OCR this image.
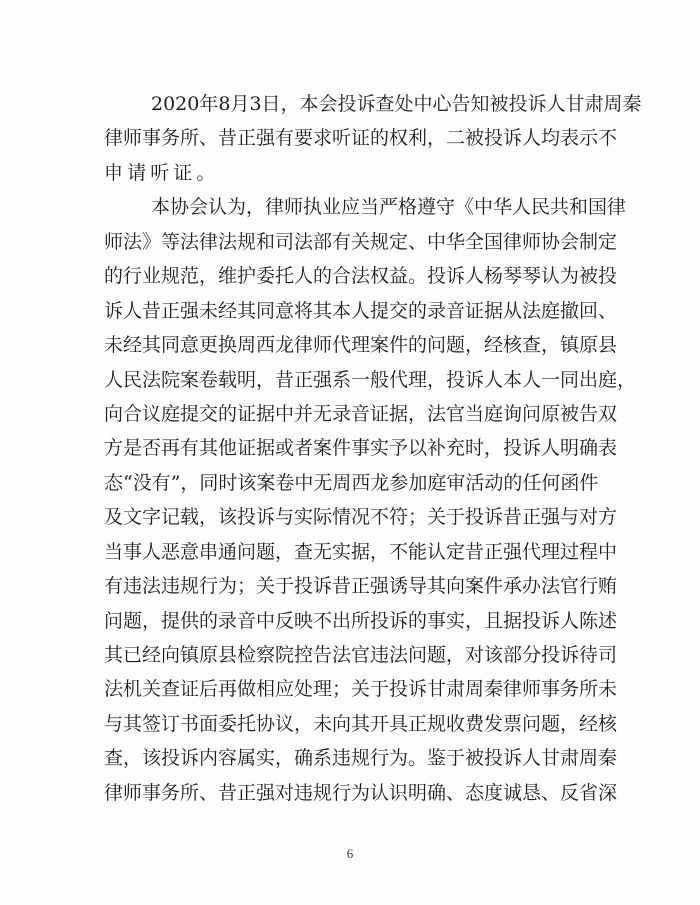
2020年8月3日，本会投诉查处中心告知被投诉人甘肃周秦
律师事务所、昔正强有要求听证的权利，二被投诉人均表示不
申请听证。
本协会认为，律师执业应当严格遵守《中华人民共和国律
师法》等法律法规和司法部有关规定、中华全国律师协会制定
的行业规范，维护委托人的合法权益。投诉人杨琴琴认为被投
诉人昔正强未经其同意将其本人提交的录音证据从法庭撤回、
未经其同意更换周西龙律师代理案件的问题，经核查，镇原县
人民法院案卷载明，昔正强系一般代理，投诉人本人一同出庭，
向合议庭提交的证据中并无录音证据，法官当庭询问原被告双
方是否再有其他证据或者案件事实予以补充时，投诉人明确表
态“没有”，同时该案卷中无周西龙参加庭审活动的任何函件
及文字记载，该投诉与实际情况不符；关于投诉昔正强与对方
当事人恶意串通问题，查无实据，不能认定昔正强代理过程中
有违法违规行为；关于投诉昔正强诱导其向案件承办法官行贿
问题，提供的录音中反映不出所投诉的事实，且据投诉人陈述
其已经向镇原县检察院控告法官违法问题，对该部分投诉待司
法机关查证后再做相应处理；关于投诉甘肃周秦律师事务所未
与其签订书面委托协议，未向其开具正规收费发票问题，经核
查，该投诉内容属实，确系违规行为。鉴于被投诉人甘肃周秦
律师事务所、昔正强对违规行为认识明确、态度诚恳、反省深
6
